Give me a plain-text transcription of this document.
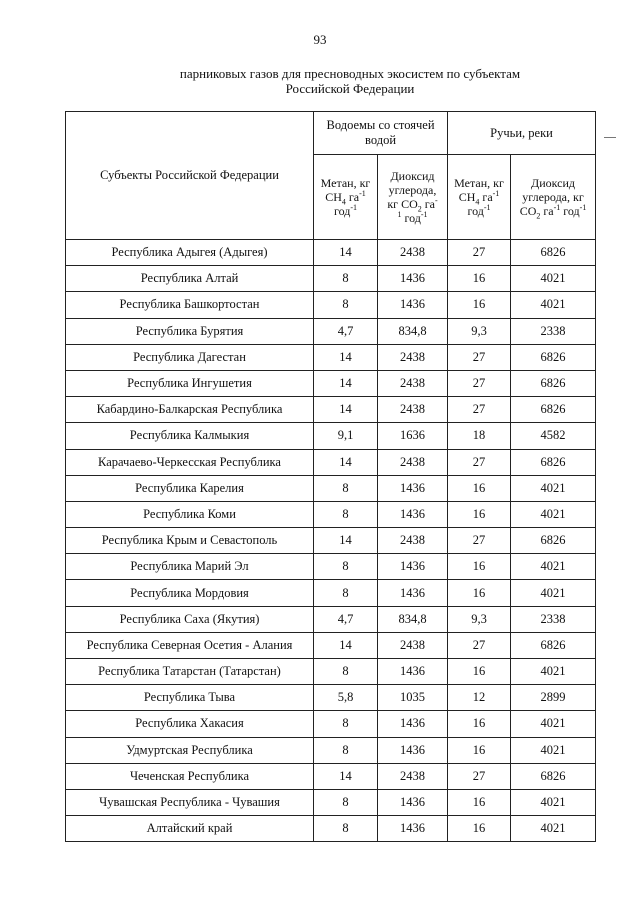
93
парниковых газов для пресноводных экосистем по субъектам
Российской Федерации
Субъекты Российской Федерации	Водоемы со стоячей водой		Ручьи, реки	
	Метан, кг
$CH_4$ $га^{-1}$
год$^{-1}$	Диоксид
углерода,
кг $CO_2$ га-
$^1$ год$^{-1}$	Метан, кг
$CH_4$ $га^{-1}$
год$^{-1}$	Диоксид
углерода, кг
$CO_2$ $га^{-1}$ год$^{-1}$
Республика Адыгея (Адыгея)	14	2438	27	6826
Республика Алтай	8	1436	16	4021
Республика Башкортостан	8	1436	16	4021
Республика Бурятия	4,7	834,8	9,3	2338
Республика Дагестан	14	2438	27	6826
Республика Ингушетия	14	2438	27	6826
Кабардино-Балкарская Республика	14	2438	27	6826
Республика Калмыкия	9,1	1636	18	4582
Карачаево-Черкесская Республика	14	2438	27	6826
Республика Карелия	8	1436	16	4021
Республика Коми	8	1436	16	4021
Республика Крым и Севастополь	14	2438	27	6826
Республика Марий Эл	8	1436	16	4021
Республика Мордовия	8	1436	16	4021
Республика Саха (Якутия)	4,7	834,8	9,3	2338
Республика Северная Осетия - Алания	14	2438	27	6826
Республика Татарстан (Татарстан)	8	1436	16	4021
Республика Тыва	5,8	1035	12	2899
Республика Хакасия	8	1436	16	4021
Удмуртская Республика	8	1436	16	4021
Чеченская Республика	14	2438	27	6826
Чувашская Республика - Чувашия	8	1436	16	4021
Алтайский край	8	1436	16	4021
